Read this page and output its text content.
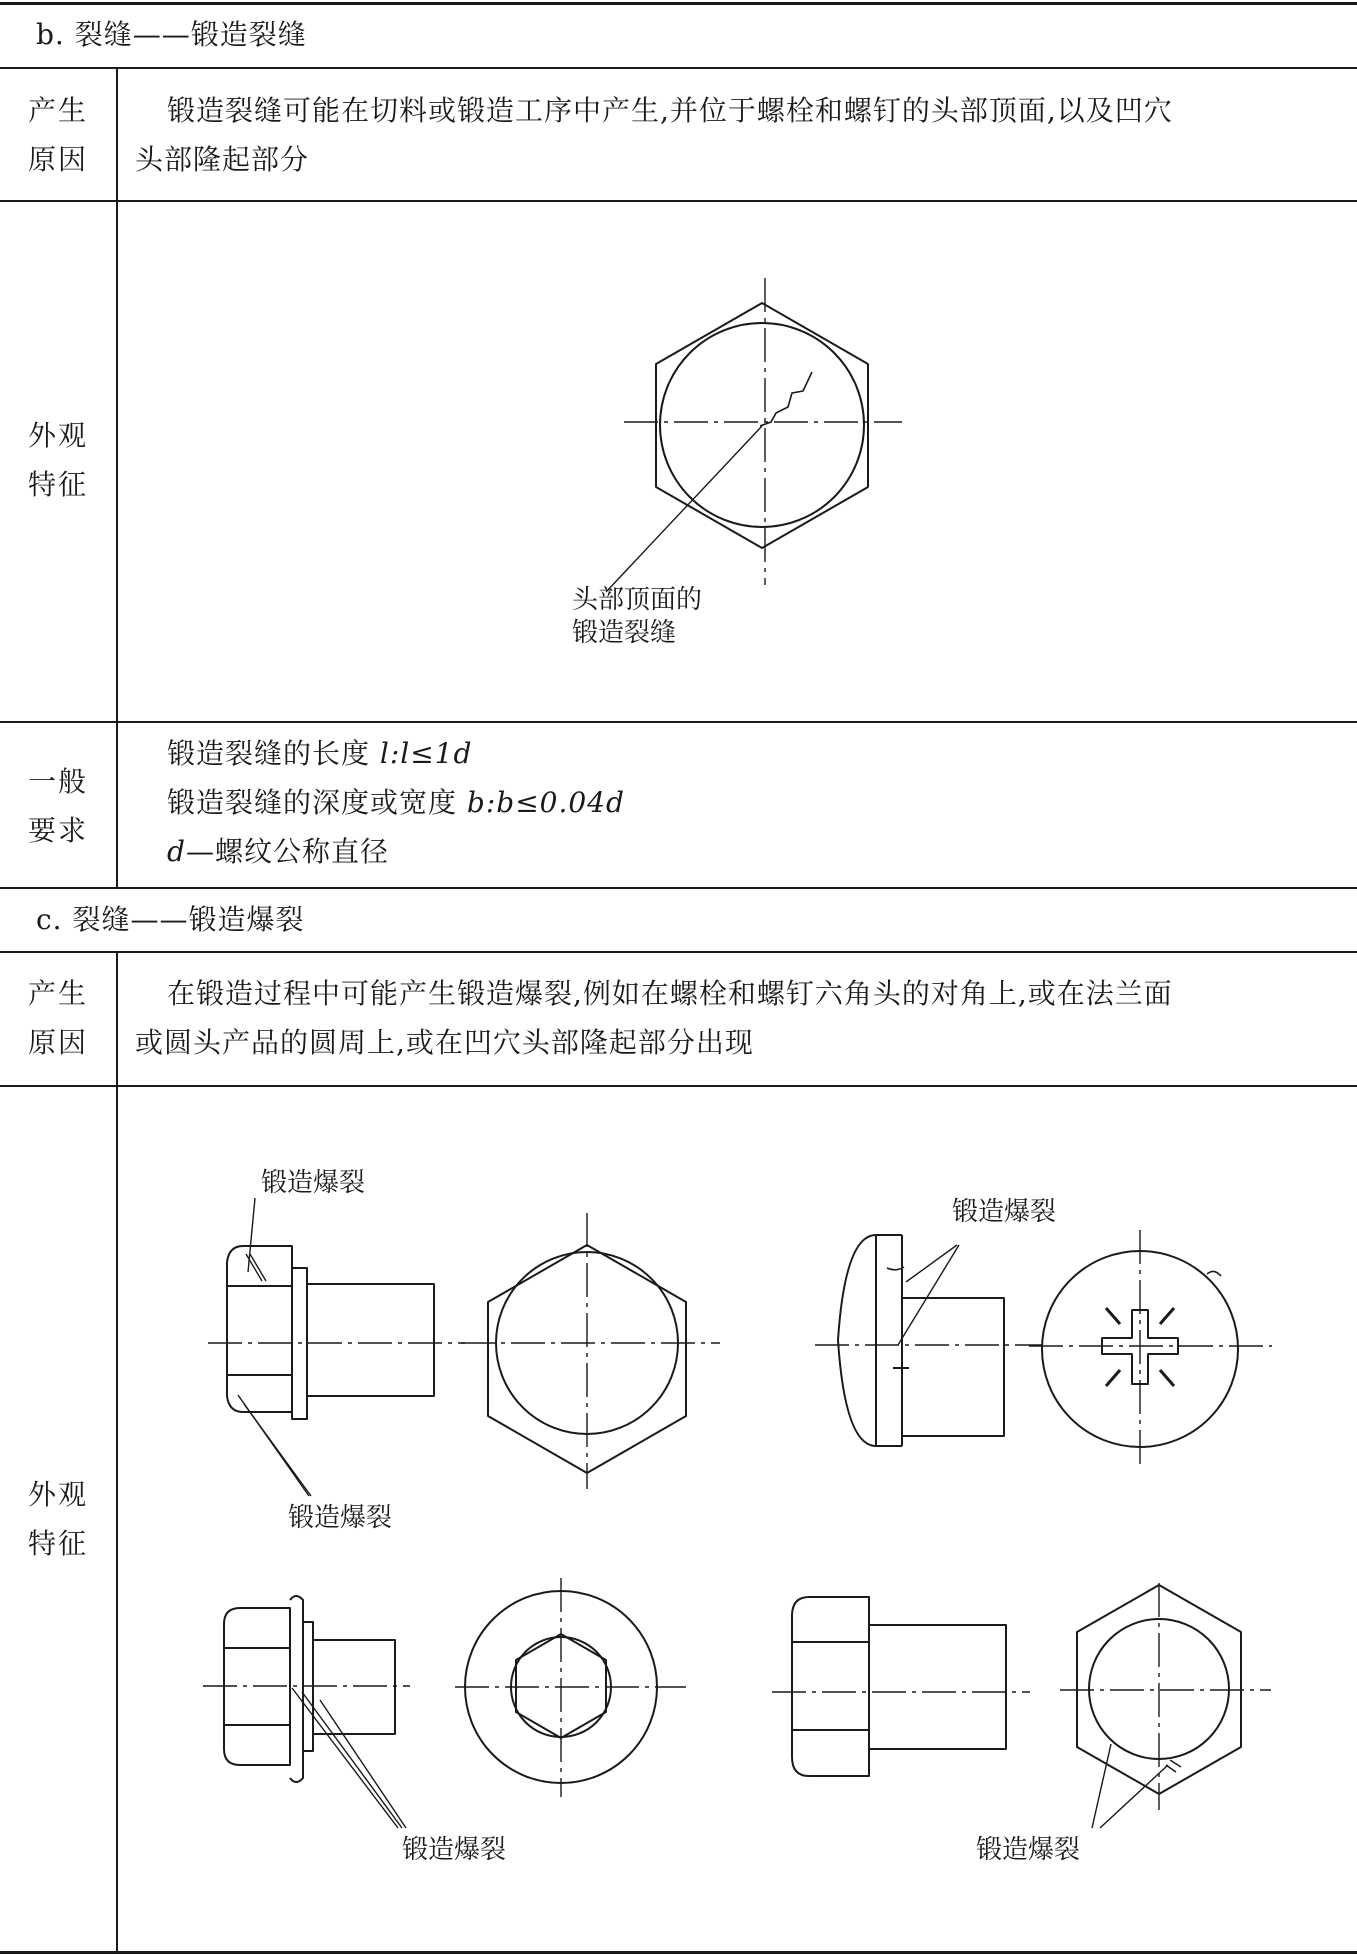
b. 裂缝——锻造裂缝
产生
原因
锻造裂缝可能在切料或锻造工序中产生,并位于螺栓和螺钉的头部顶面,以及凹穴
头部隆起部分
外观
特征
一般
要求
锻造裂缝的长度 l:l≤1d
锻造裂缝的深度或宽度 b:b≤0.04d
d—螺纹公称直径
c. 裂缝——锻造爆裂
产生
原因
在锻造过程中可能产生锻造爆裂,例如在螺栓和螺钉六角头的对角上,或在法兰面
或圆头产品的圆周上,或在凹穴头部隆起部分出现
外观
特征
头部顶面的
锻造裂缝
锻造爆裂
锻造爆裂
锻造爆裂
锻造爆裂	锻造爆裂
